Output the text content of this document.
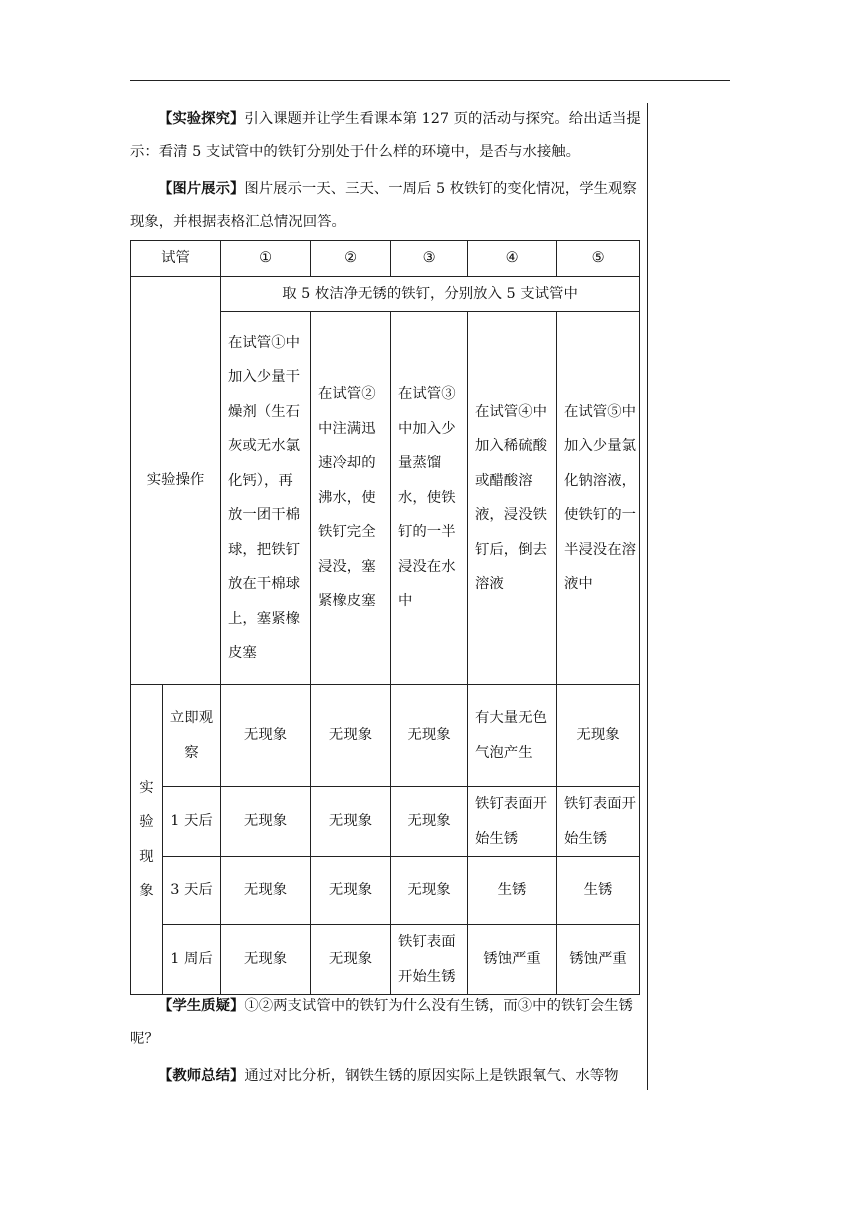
【实验探究】引入课题并让学生看课本第 127 页的活动与探究。给出适当提示：看清 5 支试管中的铁钉分别处于什么样的环境中，是否与水接触。

【图片展示】图片展示一天、三天、一周后 5 枚铁钉的变化情况，学生观察现象，并根据表格汇总情况回答。

试管		①	②	③	④	⑤
实验操作		取 5 枚洁净无锈的铁钉，分别放入 5 支试管中				
		在试管①中加入少量干燥剂（生石灰或无水氯化钙），再放一团干棉球，把铁钉放在干棉球上，塞紧橡皮塞	在试管②中注满迅速冷却的沸水，使铁钉完全浸没，塞紧橡皮塞	在试管③中加入少量蒸馏水，使铁钉的一半浸没在水中	在试管④中加入稀硫酸或醋酸溶液，浸没铁钉后，倒去溶液	在试管⑤中加入少量氯化钠溶液，使铁钉的一半浸没在溶液中
实验现象	立即观察	无现象	无现象	无现象	有大量无色气泡产生	无现象
	1 天后	无现象	无现象	无现象	铁钉表面开始生锈	铁钉表面开始生锈
	3 天后	无现象	无现象	无现象	生锈	生锈
	1 周后	无现象	无现象	铁钉表面开始生锈	锈蚀严重	锈蚀严重

【学生质疑】①②两支试管中的铁钉为什么没有生锈，而③中的铁钉会生锈呢？

【教师总结】通过对比分析，钢铁生锈的原因实际上是铁跟氧气、水等物
